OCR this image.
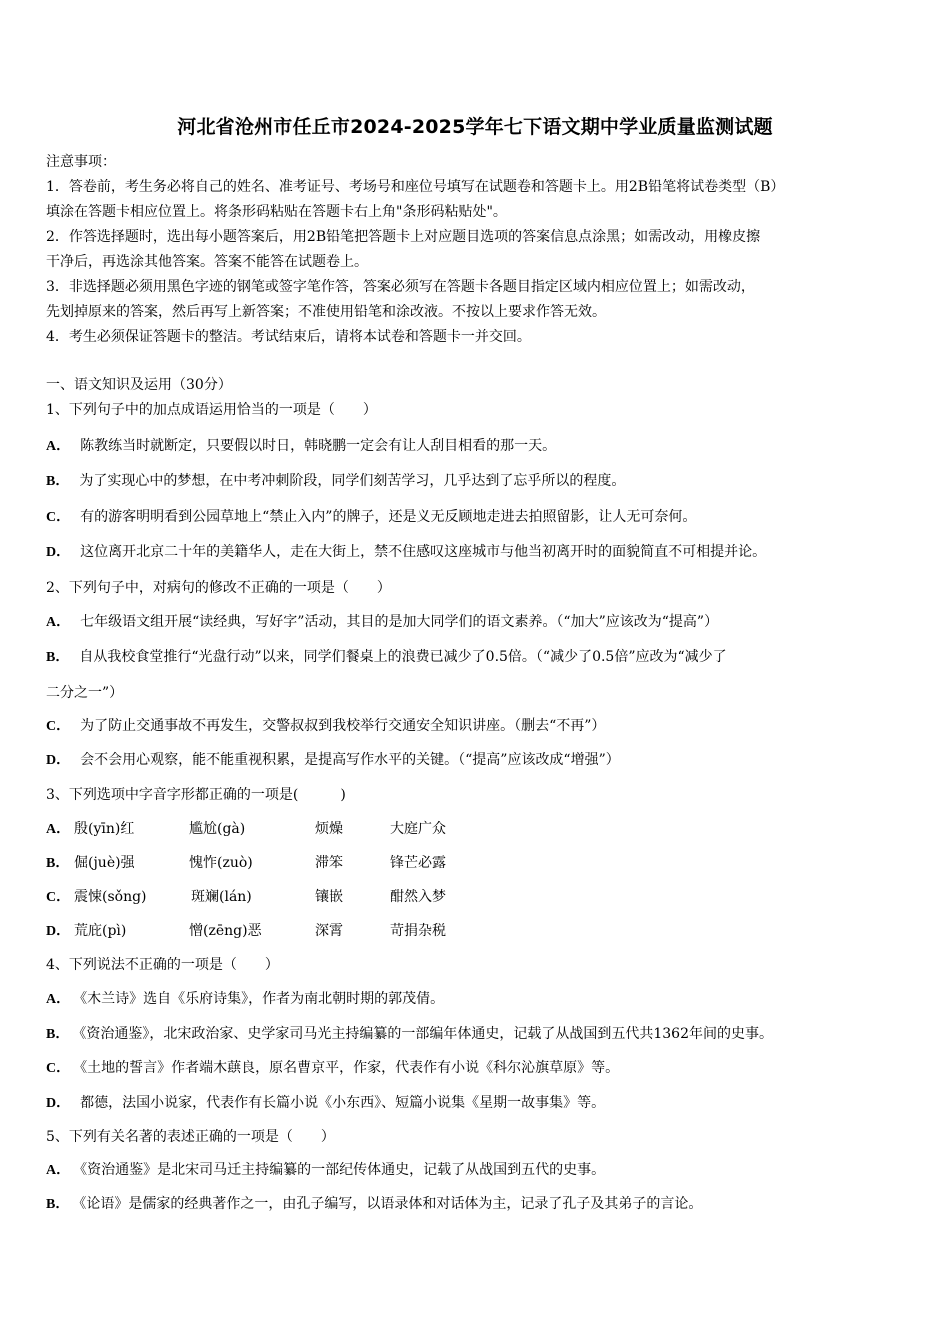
河北省沧州市任丘市2024-2025学年七下语文期中学业质量监测试题
注意事项：
1．答卷前，考生务必将自己的姓名、准考证号、考场号和座位号填写在试题卷和答题卡上。用2B铅笔将试卷类型（B）
填涂在答题卡相应位置上。将条形码粘贴在答题卡右上角"条形码粘贴处"。
2．作答选择题时，选出每小题答案后，用2B铅笔把答题卡上对应题目选项的答案信息点涂黑；如需改动，用橡皮擦
干净后，再选涂其他答案。答案不能答在试题卷上。
3．非选择题必须用黑色字迹的钢笔或签字笔作答，答案必须写在答题卡各题目指定区域内相应位置上；如需改动，
先划掉原来的答案，然后再写上新答案；不准使用铅笔和涂改液。不按以上要求作答无效。
4．考生必须保证答题卡的整洁。考试结束后，请将本试卷和答题卡一并交回。
一、语文知识及运用（30分）
1、下列句子中的加点成语运用恰当的一项是（　　）
A． 陈教练当时就断定，只要假以时日，韩晓鹏一定会有让人刮目相看的那一天。
B． 为了实现心中的梦想，在中考冲刺阶段，同学们刻苦学习，几乎达到了忘乎所以的程度。
C． 有的游客明明看到公园草地上“禁止入内”的牌子，还是义无反顾地走进去拍照留影，让人无可奈何。
D． 这位离开北京二十年的美籍华人，走在大街上，禁不住感叹这座城市与他当初离开时的面貌简直不可相提并论。
2、下列句子中，对病句的修改不正确的一项是（　　）
A． 七年级语文组开展“读经典，写好字”活动，其目的是加大同学们的语文素养。（“加大”应该改为“提高”）
B． 自从我校食堂推行“光盘行动”以来，同学们餐桌上的浪费已减少了0.5倍。（“减少了0.5倍”应改为“减少了
二分之一”）
C． 为了防止交通事故不再发生，交警叔叔到我校举行交通安全知识讲座。（删去“不再”）
D． 会不会用心观察，能不能重视积累，是提高写作水平的关键。（“提高”应该改成“增强”）
3、下列选项中字音字形都正确的一项是(　　　)
A． 殷(yīn)红	尴尬(gà)	烦燥	大庭广众
B． 倔(juè)强	愧怍(zuò)	滞笨	锋芒必露
C． 震悚(sǒng)	斑斓(lán)	镶嵌	酣然入梦
D． 荒庇(pì)	憎(zēng)恶	深霄	苛捐杂税
4、下列说法不正确的一项是（　　）
A． 《木兰诗》选自《乐府诗集》，作者为南北朝时期的郭茂倩。
B． 《资治通鉴》，北宋政治家、史学家司马光主持编纂的一部编年体通史，记载了从战国到五代共1362年间的史事。
C． 《土地的誓言》作者端木蕻良，原名曹京平，作家，代表作有小说《科尔沁旗草原》等。
D． 都德，法国小说家，代表作有长篇小说《小东西》、短篇小说集《星期一故事集》等。
5、下列有关名著的表述正确的一项是（　　）
A． 《资治通鉴》是北宋司马迁主持编纂的一部纪传体通史，记载了从战国到五代的史事。
B． 《论语》是儒家的经典著作之一，由孔子编写，以语录体和对话体为主，记录了孔子及其弟子的言论。
